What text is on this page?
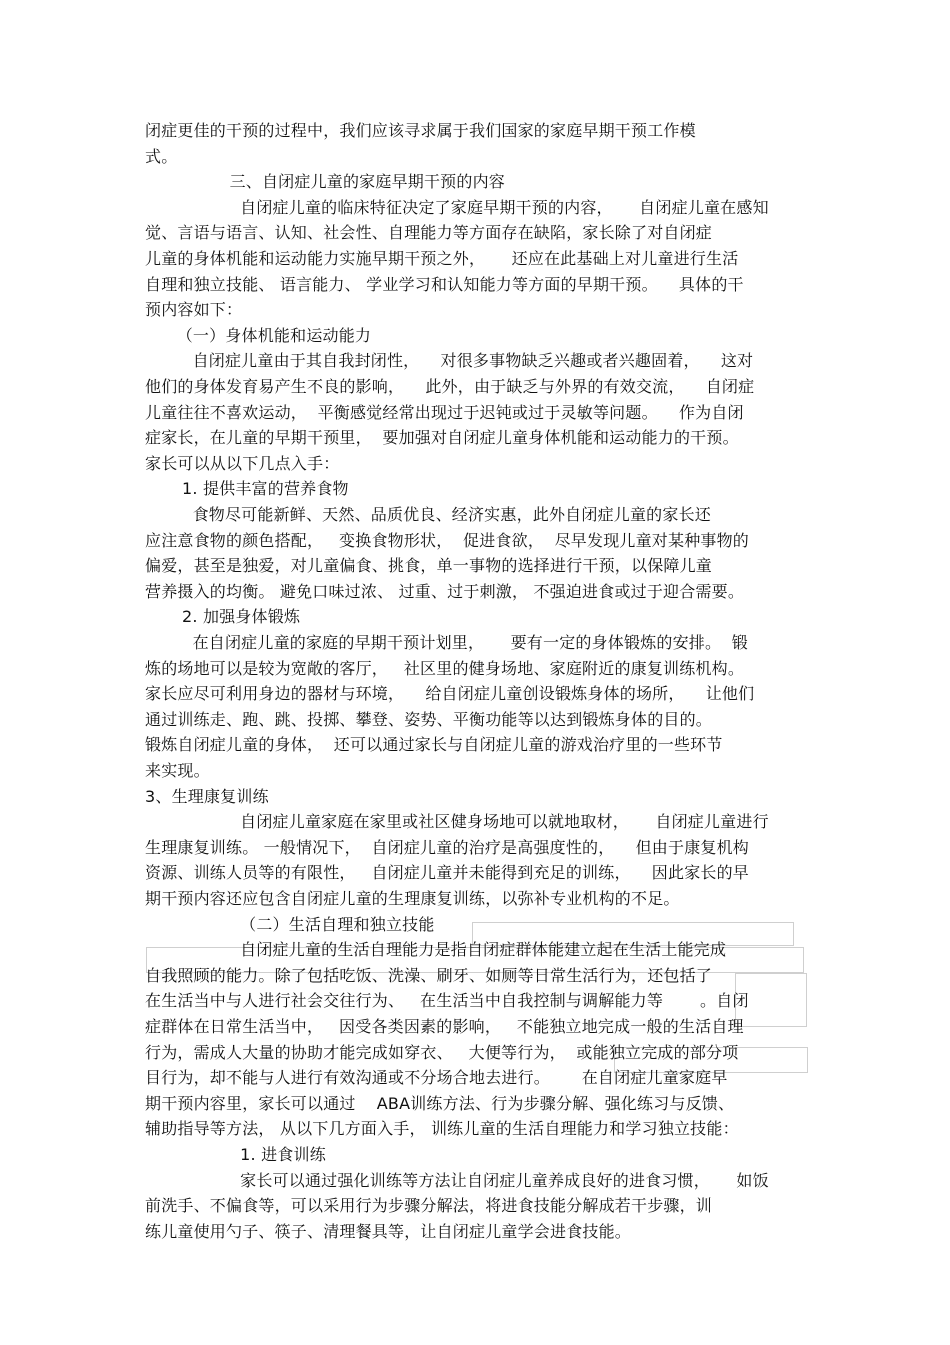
闭症更佳的干预的过程中，我们应该寻求属于我们国家的家庭早期干预工作模
式。
三、自闭症儿童的家庭早期干预的内容
自闭症儿童的临床特征决定了家庭早期干预的内容，     自闭症儿童在感知
觉、言语与语言、认知、社会性、自理能力等方面存在缺陷，家长除了对自闭症
儿童的身体机能和运动能力实施早期干预之外，     还应在此基础上对儿童进行生活
自理和独立技能、 语言能力、 学业学习和认知能力等方面的早期干预。    具体的干
预内容如下：
（一）身体机能和运动能力
自闭症儿童由于其自我封闭性，    对很多事物缺乏兴趣或者兴趣固着，    这对
他们的身体发育易产生不良的影响，    此外，由于缺乏与外界的有效交流，    自闭症
儿童往往不喜欢运动，  平衡感觉经常出现过于迟钝或过于灵敏等问题。    作为自闭
症家长，在儿童的早期干预里，  要加强对自闭症儿童身体机能和运动能力的干预。
家长可以从以下几点入手：
1. 提供丰富的营养食物
食物尽可能新鲜、天然、品质优良、经济实惠，此外自闭症儿童的家长还
应注意食物的颜色搭配，   变换食物形状，  促进食欲，  尽早发现儿童对某种事物的
偏爱，甚至是独爱，对儿童偏食、挑食，单一事物的选择进行干预，以保障儿童
营养摄入的均衡。 避免口味过浓、 过重、过于刺激， 不强迫进食或过于迎合需要。
2. 加强身体锻炼
在自闭症儿童的家庭的早期干预计划里，     要有一定的身体锻炼的安排。  锻
炼的场地可以是较为宽敞的客厅，   社区里的健身场地、家庭附近的康复训练机构。
家长应尽可利用身边的器材与环境，    给自闭症儿童创设锻炼身体的场所，    让他们
通过训练走、跑、跳、投掷、攀登、姿势、平衡功能等以达到锻炼身体的目的。
锻炼自闭症儿童的身体，  还可以通过家长与自闭症儿童的游戏治疗里的一些环节
来实现。
3、生理康复训练
自闭症儿童家庭在家里或社区健身场地可以就地取材，     自闭症儿童进行
生理康复训练。 一般情况下，  自闭症儿童的治疗是高强度性的，    但由于康复机构
资源、训练人员等的有限性，   自闭症儿童并未能得到充足的训练，    因此家长的早
期干预内容还应包含自闭症儿童的生理康复训练，以弥补专业机构的不足。
（二）生活自理和独立技能
自闭症儿童的生活自理能力是指自闭症群体能建立起在生活上能完成
自我照顾的能力。除了包括吃饭、洗澡、刷牙、如厕等日常生活行为，还包括了
在生活当中与人进行社会交往行为、   在生活当中自我控制与调解能力等       。自闭
症群体在日常生活当中，   因受各类因素的影响，   不能独立地完成一般的生活自理
行为，需成人大量的协助才能完成如穿衣、   大便等行为，  或能独立完成的部分项
目行为，却不能与人进行有效沟通或不分场合地去进行。      在自闭症儿童家庭早
期干预内容里，家长可以通过    ABA训练方法、行为步骤分解、强化练习与反馈、
辅助指导等方法， 从以下几方面入手， 训练儿童的生活自理能力和学习独立技能：
1. 进食训练
家长可以通过强化训练等方法让自闭症儿童养成良好的进食习惯，     如饭
前洗手、不偏食等，可以采用行为步骤分解法，将进食技能分解成若干步骤，训
练儿童使用勺子、筷子、清理餐具等，让自闭症儿童学会进食技能。
